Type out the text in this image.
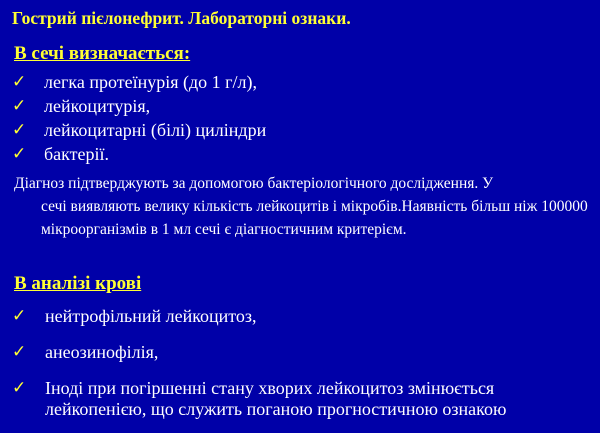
Гострий пієлонефрит. Лабораторні ознаки.
В сечі визначається:
✓ легка протеїнурія (до 1 г/л),
✓ лейкоцитурія,
✓ лейкоцитарні (білі) циліндри
✓ бактерії.

Діагноз підтверджують за допомогою бактеріологічного дослідження. У
сечі виявляють велику кількість лейкоцитів і мікробів.Наявність більш ніж 100000 мікроорганізмів в 1 мл сечі є діагностичним критерієм.

В аналізі крові
✓ нейтрофільний лейкоцитоз,
✓ анеозинофілія,
✓ Іноді при погіршенні стану хворих лейкоцитоз змінюється лейкопенією, що служить поганою прогностичною ознакою
